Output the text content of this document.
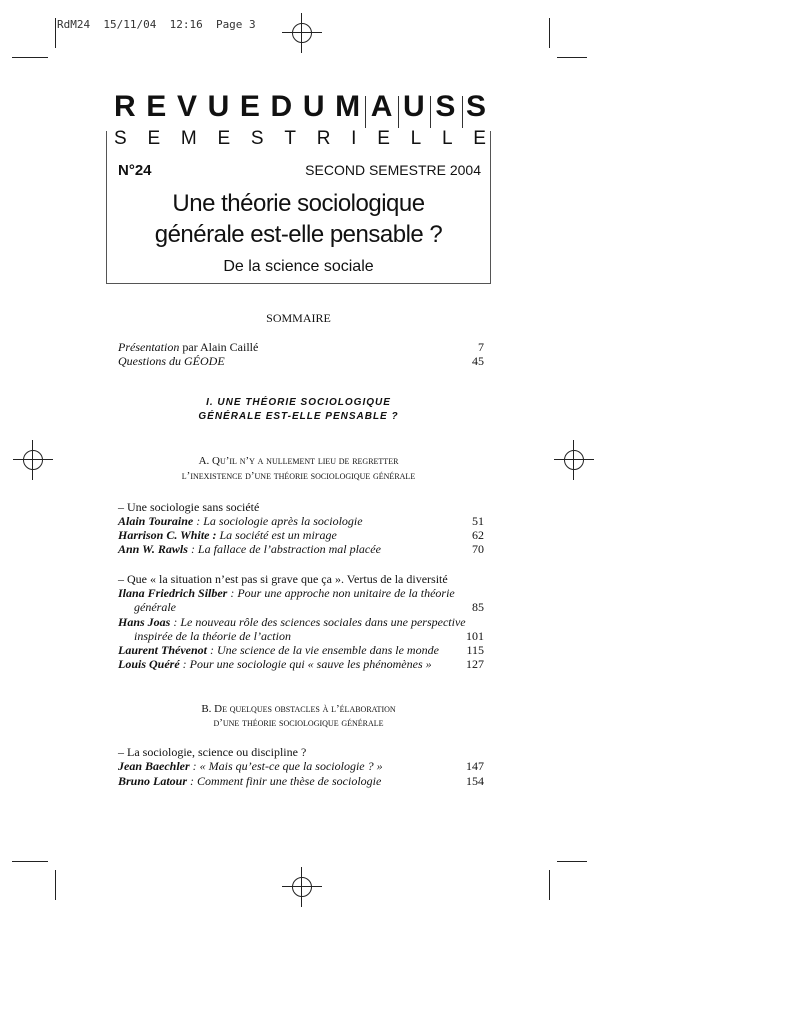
RdM24  15/11/04  12:16  Page 3
R E V U E D U M A U S S
S E M E S T R I E L L E
N°24	SECOND SEMESTRE 2004
Une théorie sociologique
générale est-elle pensable ?
De la science sociale
SOMMAIRE
Présentation par Alain Caillé	7
Questions du GÉODE	45
I. UNE THÉORIE SOCIOLOGIQUE
GÉNÉRALE EST-ELLE PENSABLE ?
A. Qu’il n’y a nullement lieu de regretter
l’inexistence d’une théorie sociologique générale
– Une sociologie sans société
Alain Touraine : La sociologie après la sociologie	51
Harrison C. White : La société est un mirage	62
Ann W. Rawls : La fallace de l’abstraction mal placée	70
– Que « la situation n’est pas si grave que ça ». Vertus de la diversité
Ilana Friedrich Silber : Pour une approche non unitaire de la théorie
générale	85
Hans Joas : Le nouveau rôle des sciences sociales dans une perspective
inspirée de la théorie de l’action	101
Laurent Thévenot : Une science de la vie ensemble dans le monde 115
Louis Quéré : Pour une sociologie qui « sauve les phénomènes »	127
B. De quelques obstacles à l’élaboration
d’une théorie sociologique générale
– La sociologie, science ou discipline ?
Jean Baechler : « Mais qu’est-ce que la sociologie ? »	147
Bruno Latour : Comment finir une thèse de sociologie	154
